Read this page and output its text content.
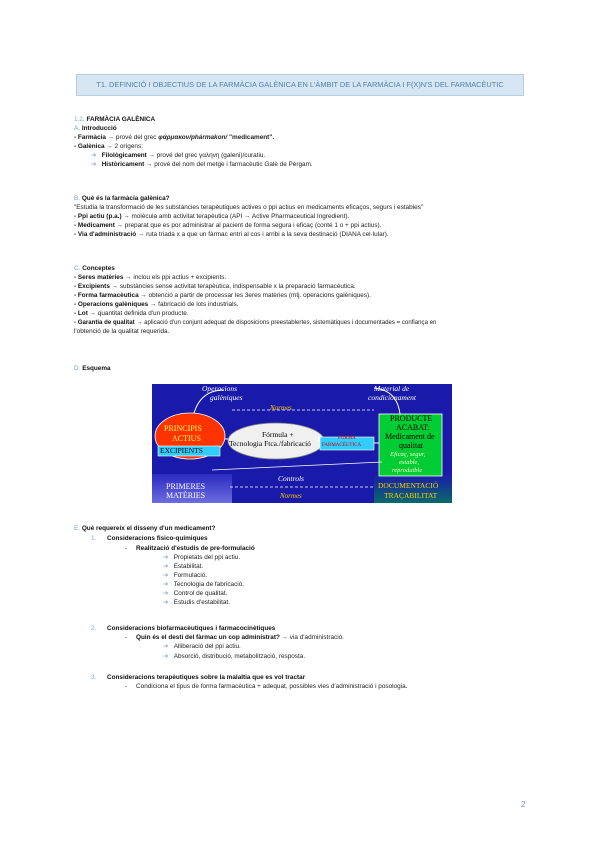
T1. DEFINICIÓ I OBJECTIUS DE LA FARMÀCIA GALÈNICA EN L'ÀMBIT DE LA FARMÀCIA I F(X)N'S DEL FARMACÈUTIC
1.2. FARMÀCIA GALÈNICA
A. Introducció
- Farmàcia → prové del grec φάρμακον/phármakon/ "medicament".
- Galènica → 2 orígens:
➔ Filològicament → prové del grec γαληνη (galeni)/curatiu.
➔ Històricament → prové del nom del metge i farmacèutic Galè de Pèrgam.
B. Què és la farmàcia galènica?
"Estudia la transformació de les substàncies terapèutiques actives o ppi actius en medicaments eficaços, segurs i estables"
- Ppi actiu (p.a.) → molècula amb activitat terapèutica (API → Active Pharmaceutical Ingredient).
- Medicament → preparat que es por administrar al pacient de forma segura i eficaç (conté 1 o + ppi actius).
- Via d'administració → ruta triada x a que un fàrmac entri al cos i arribi a la seva destinació (DIANA cel·lular).
C. Conceptes
- Seres matèries → inclou els ppi actius + excipients.
- Excipients → substàncies sense activitat terapèutica, indispensable x la preparació farmacèutica.
- Forma farmacèutica → obtenció a partir de processar les 3eres matèries (mtj. operacions galèniques).
- Operacions galèniques → fabricació de lots industrials.
- Lot → quantitat definida d'un producte.
- Garantia de qualitat → aplicació d'un conjunt adequat de disposicions preestablertes, sistemàtiques i documentades = confiança en
l'obtenció de la qualitat requerida.
D. Esquema
Operacions
galèniques
Material de
condicionament
Normes
PRINCIPIS
ACTIUS
EXCIPIENTS
Fórmula +
Tecnologia Ftca./fabricació
FORMA
FARMACÈUTICA
PRODUCTE
ACABAT:
Medicament de
qualitat
Eficaç, segur,
estable,
reproduïble
Controls
PRIMERES
MATÈRIES	Normes
DOCUMENTACIÓ
TRAÇABILITAT
E. Què requereix el disseny d'un medicament?
1. Consideracions fisico-químiques
- Realització d'estudis de pre-formulació
➔ Propietats del ppi actiu.
➔ Estabilitat.
➔ Formulació.
➔ Tecnologia de fabricació.
➔ Control de qualitat.
➔ Estudis d'estabilitat.
2. Consideracions biofarmacèutiques i farmacocinètiques
- Quin és el destí del fàrmac un cop administrat? → via d'administració.
➔ Alliberació del ppi actiu.
➔ Absorció, distribució, metabolització, resposta.
3. Consideracions terapèutiques sobre la malaltia que es vol tractar
- Condiciona el tipus de forma farmacèutica + adequat, possibles vies d'administració i posologia.
2
